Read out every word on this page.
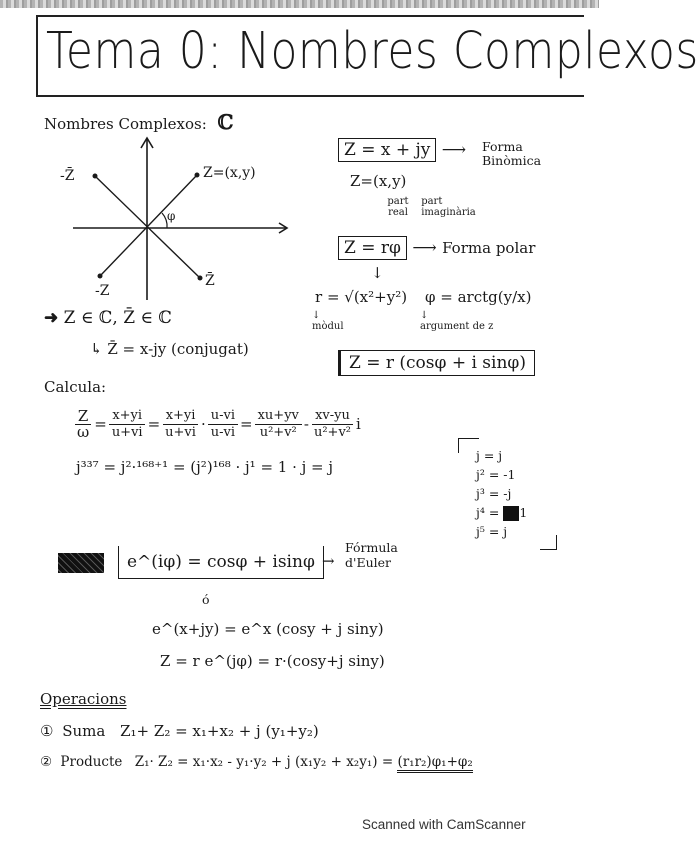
Tema 0: Nombres Complexos
Nombres Complexos: ℂ
Z=(x,y)
-Z̄
-Z
Z̄
φ
➜ Z ∈ ℂ, Z̄ ∈ ℂ
↳ Z̄ = x-jy (conjugat)
Z = x + jy ⟶ Forma Binòmica
Z=(x,y)
part real part imaginària
Z = rφ ⟶ Forma polar
↓
r = √(x²+y²) φ = arctg(y/x)
↓
mòdul
↓
argument de z
Z = r (cosφ + i sinφ)
Calcula:
$\frac{Z}{\omega} = \frac{x+yi}{u+vi} = \frac{x+yi}{u+vi} \cdot \frac{u-vi}{u-vi} = \frac{xu+yv}{\text{u²+v²}} - \frac{xv-yu}{\text{u²+v²}}$ i
j³³⁷ = j²·¹⁶⁸⁺¹ = (j²)¹⁶⁸ · j¹ = 1 · j = j
j = j
j² = -1
j³ = -j
j⁴ = 1
j⁵ = j
e^(iφ) = cosφ + isinφ →
Fórmula d'Euler
ó
e^(x+jy) = e^x (cosy + j siny)
Z = r e^(jφ) = r·(cosy+j siny)
Operacions
① Suma Z₁+ Z₂ = x₁+x₂ + j (y₁+y₂)
② Producte Z₁· Z₂ = x₁·x₂ - y₁·y₂ + j (x₁y₂ + x₂y₁) = (r₁r₂)φ₁+φ₂
Scanned with CamScanner
